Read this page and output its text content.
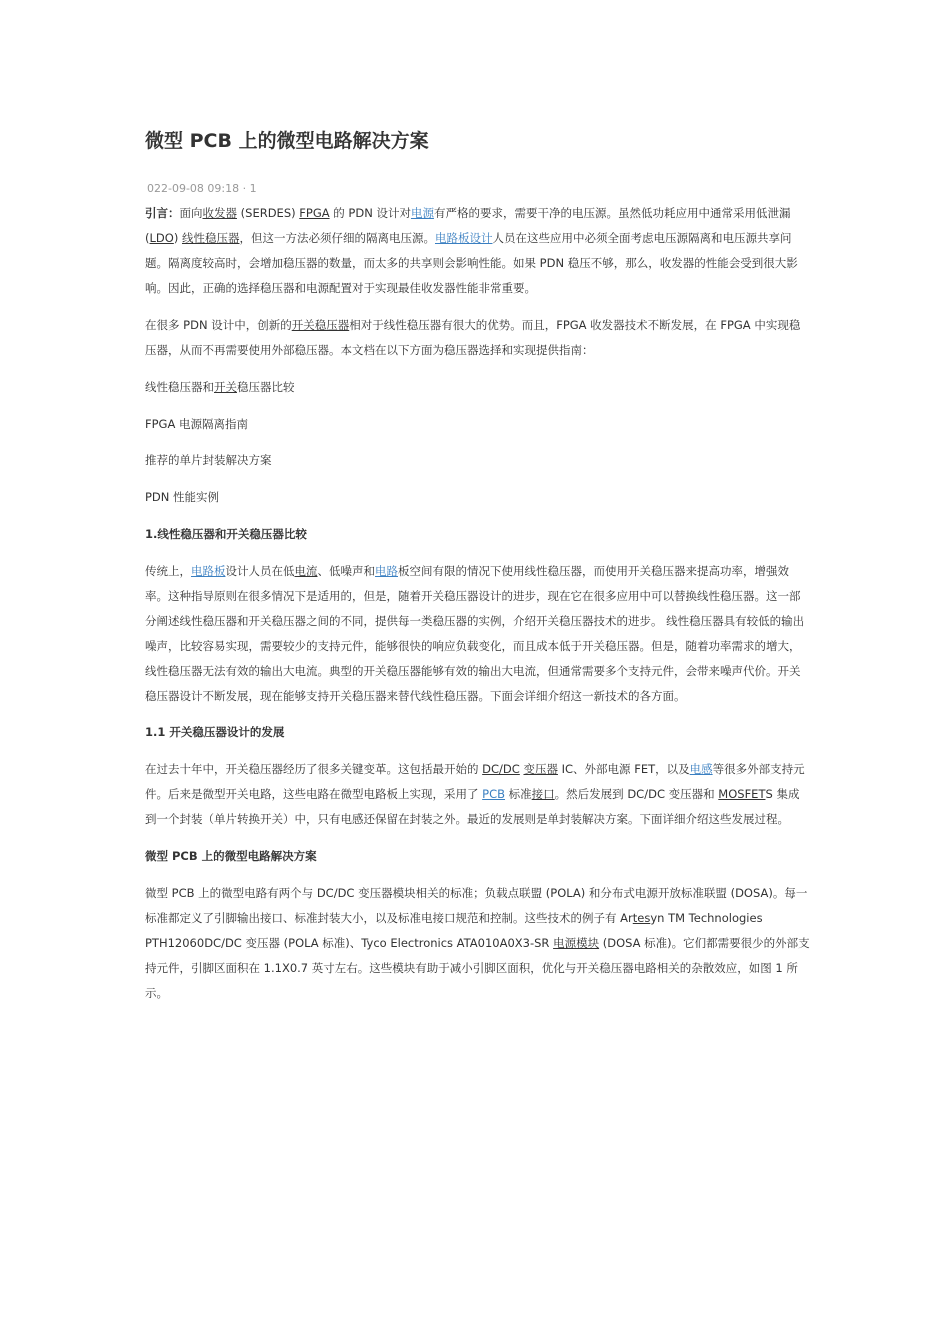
微型 PCB 上的微型电路解决方案
022-09-08 09:18 · 1

引言：面向收发器 (SERDES) FPGA 的 PDN 设计对电源有严格的要求，需要干净的电压源。虽然低功耗应用中通常采用低泄漏 (LDO) 线性稳压器，但这一方法必须仔细的隔离电压源。电路板设计人员在这些应用中必须全面考虑电压源隔离和电压源共享问题。隔离度较高时，会增加稳压器的数量，而太多的共享则会影响性能。如果 PDN 稳压不够，那么，收发器的性能会受到很大影响。因此，正确的选择稳压器和电源配置对于实现最佳收发器性能非常重要。

在很多 PDN 设计中，创新的开关稳压器相对于线性稳压器有很大的优势。而且，FPGA 收发器技术不断发展，在 FPGA 中实现稳压器，从而不再需要使用外部稳压器。本文档在以下方面为稳压器选择和实现提供指南：

线性稳压器和开关稳压器比较

FPGA 电源隔离指南

推荐的单片封装解决方案

PDN 性能实例

1.线性稳压器和开关稳压器比较

传统上，电路板设计人员在低电流、低噪声和电路板空间有限的情况下使用线性稳压器，而使用开关稳压器来提高功率，增强效率。这种指导原则在很多情况下是适用的，但是，随着开关稳压器设计的进步，现在它在很多应用中可以替换线性稳压器。这一部分阐述线性稳压器和开关稳压器之间的不同，提供每一类稳压器的实例，介绍开关稳压器技术的进步。 线性稳压器具有较低的输出噪声，比较容易实现，需要较少的支持元件，能够很快的响应负载变化，而且成本低于开关稳压器。但是，随着功率需求的增大，线性稳压器无法有效的输出大电流。典型的开关稳压器能够有效的输出大电流，但通常需要多个支持元件，会带来噪声代价。开关稳压器设计不断发展，现在能够支持开关稳压器来替代线性稳压器。下面会详细介绍这一新技术的各方面。

1.1 开关稳压器设计的发展

在过去十年中，开关稳压器经历了很多关键变革。这包括最开始的 DC/DC 变压器 IC、外部电源 FET，以及电感等很多外部支持元件。后来是微型开关电路，这些电路在微型电路板上实现，采用了 PCB 标准接口。然后发展到 DC/DC 变压器和 MOSFETS 集成到一个封装（单片转换开关）中，只有电感还保留在封装之外。最近的发展则是单封装解决方案。下面详细介绍这些发展过程。

微型 PCB 上的微型电路解决方案

微型 PCB 上的微型电路有两个与 DC/DC 变压器模块相关的标准；负载点联盟 (POLA) 和分布式电源开放标准联盟 (DOSA)。每一标准都定义了引脚输出接口、标准封装大小，以及标准电接口规范和控制。这些技术的例子有 Artesyn TM Technologies PTH12060DC/DC 变压器 (POLA 标准)、Tyco Electronics ATA010A0X3-SR 电源模块 (DOSA 标准)。它们都需要很少的外部支持元件，引脚区面积在 1.1X0.7 英寸左右。这些模块有助于减小引脚区面积，优化与开关稳压器电路相关的杂散效应，如图 1 所示。
